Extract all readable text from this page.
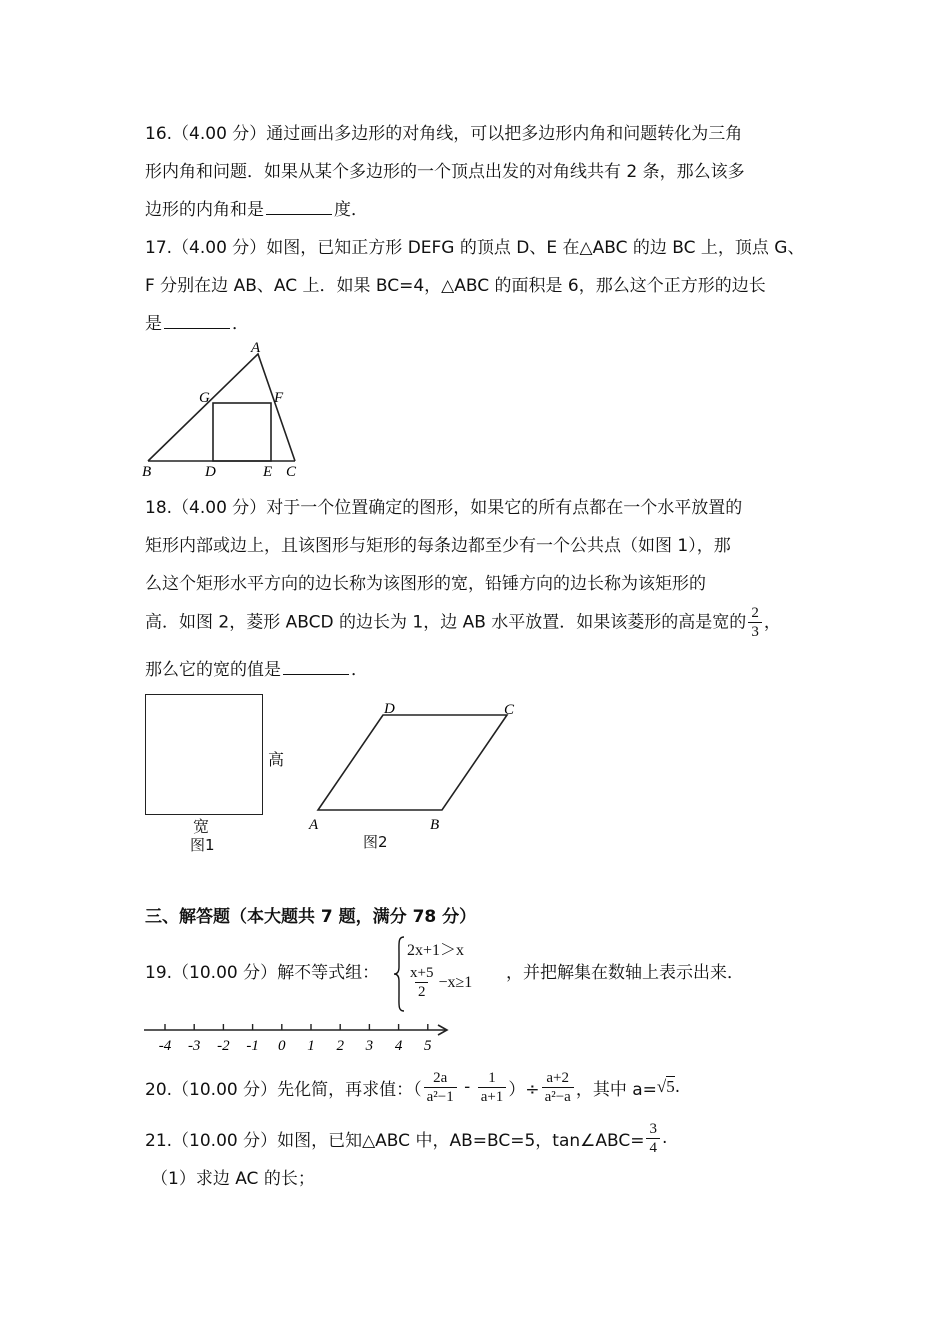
16.（4.00 分）通过画出多边形的对角线，可以把多边形内角和问题转化为三角
形内角和问题．如果从某个多边形的一个顶点出发的对角线共有 2 条，那么该多
边形的内角和是	度．
17.（4.00 分）如图，已知正方形 DEFG 的顶点 D、E 在△ABC 的边 BC 上，顶点 G、
F 分别在边 AB、AC 上．如果 BC=4，△ABC 的面积是 6，那么这个正方形的边长
是	．
A
G	F
B	D	E C
18.（4.00 分）对于一个位置确定的图形，如果它的所有点都在一个水平放置的
矩形内部或边上，且该图形与矩形的每条边都至少有一个公共点（如图 1），那
么这个矩形水平方向的边长称为该图形的宽，铅锤方向的边长称为该矩形的
高．如图 2，菱形 ABCD 的边长为 1，边 AB 水平放置．如果该菱形的高是宽的 $\frac{2}{3}$ ，
那么它的宽的值是	．
高
宽
图1
D	C
A	B
图2
三、解答题（本大题共 7 题，满分 78 分）
19.（10.00 分）解不等式组：
2x+1＞x
$\frac{x+5}{2} -x\ge 1$ ，并把解集在数轴上表示出来．
-4 -3 -2 -1 0 1 2 3 4 5
20.（10.00 分）先化简，再求值：（ $\frac{2a}{\text{a²−1}} - \frac{1}{a+1}$ ）÷ $\frac{a+2}{\text{a²−a}}$ ，其中 a= √5 .
21.（10.00 分）如图，已知△ABC 中，AB=BC=5，tan∠ABC= $\frac{3}{4}$ .
（1）求边 AC 的长；
